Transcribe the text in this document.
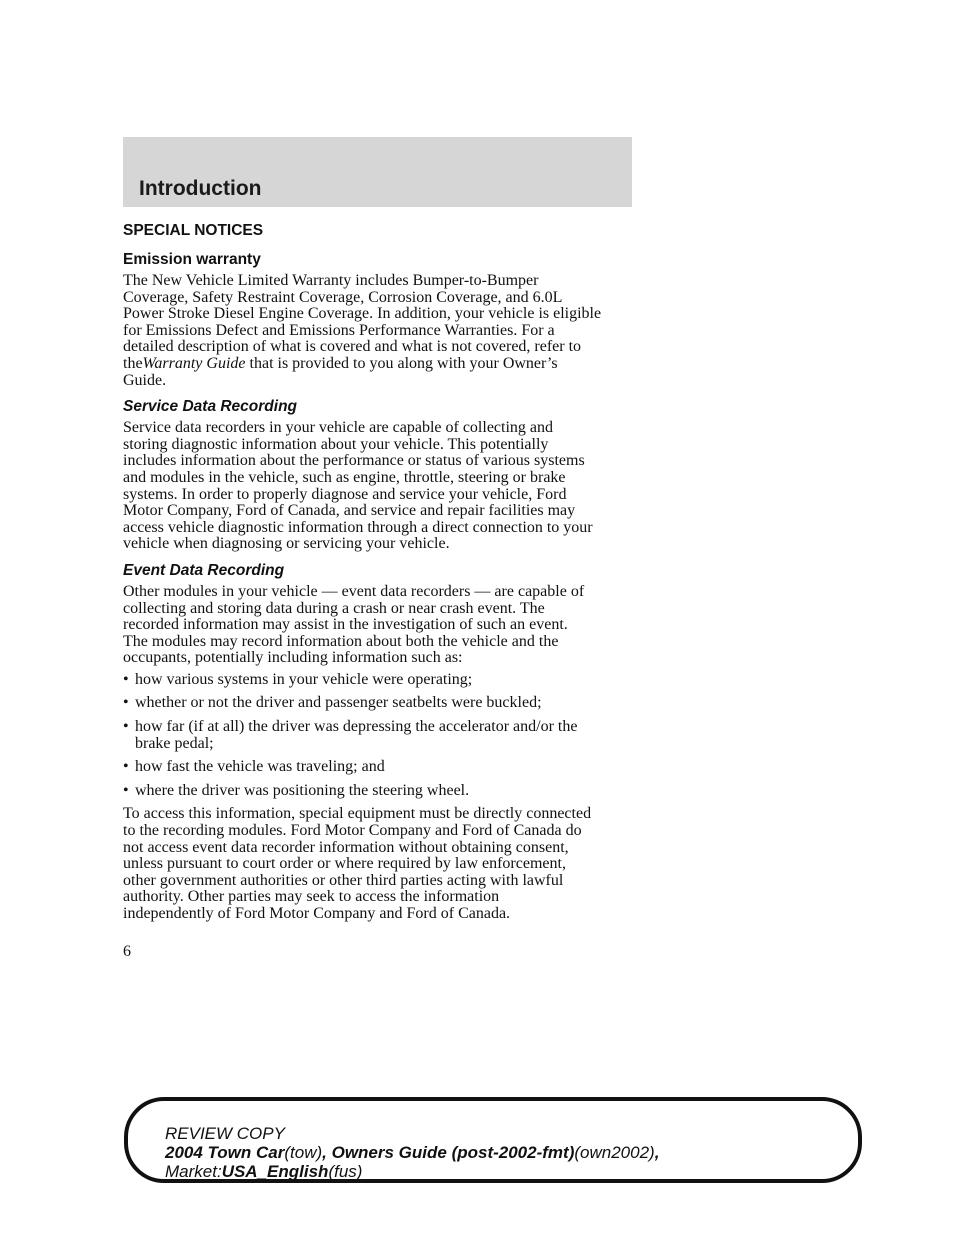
Introduction
SPECIAL NOTICES
Emission warranty
The New Vehicle Limited Warranty includes Bumper-to-Bumper
Coverage, Safety Restraint Coverage, Corrosion Coverage, and 6.0L
Power Stroke Diesel Engine Coverage. In addition, your vehicle is eligible
for Emissions Defect and Emissions Performance Warranties. For a
detailed description of what is covered and what is not covered, refer to
theWarranty Guide that is provided to you along with your Owner’s
Guide.
Service Data Recording
Service data recorders in your vehicle are capable of collecting and
storing diagnostic information about your vehicle. This potentially
includes information about the performance or status of various systems
and modules in the vehicle, such as engine, throttle, steering or brake
systems. In order to properly diagnose and service your vehicle, Ford
Motor Company, Ford of Canada, and service and repair facilities may
access vehicle diagnostic information through a direct connection to your
vehicle when diagnosing or servicing your vehicle.
Event Data Recording
Other modules in your vehicle — event data recorders — are capable of
collecting and storing data during a crash or near crash event. The
recorded information may assist in the investigation of such an event.
The modules may record information about both the vehicle and the
occupants, potentially including information such as:
• how various systems in your vehicle were operating;
• whether or not the driver and passenger seatbelts were buckled;
• how far (if at all) the driver was depressing the accelerator and/or the
brake pedal;
• how fast the vehicle was traveling; and
• where the driver was positioning the steering wheel.
To access this information, special equipment must be directly connected
to the recording modules. Ford Motor Company and Ford of Canada do
not access event data recorder information without obtaining consent,
unless pursuant to court order or where required by law enforcement,
other government authorities or other third parties acting with lawful
authority. Other parties may seek to access the information
independently of Ford Motor Company and Ford of Canada.
6
REVIEW COPY
2004 Town Car(tow), Owners Guide (post-2002-fmt)(own2002),
Market:USA_English(fus)
